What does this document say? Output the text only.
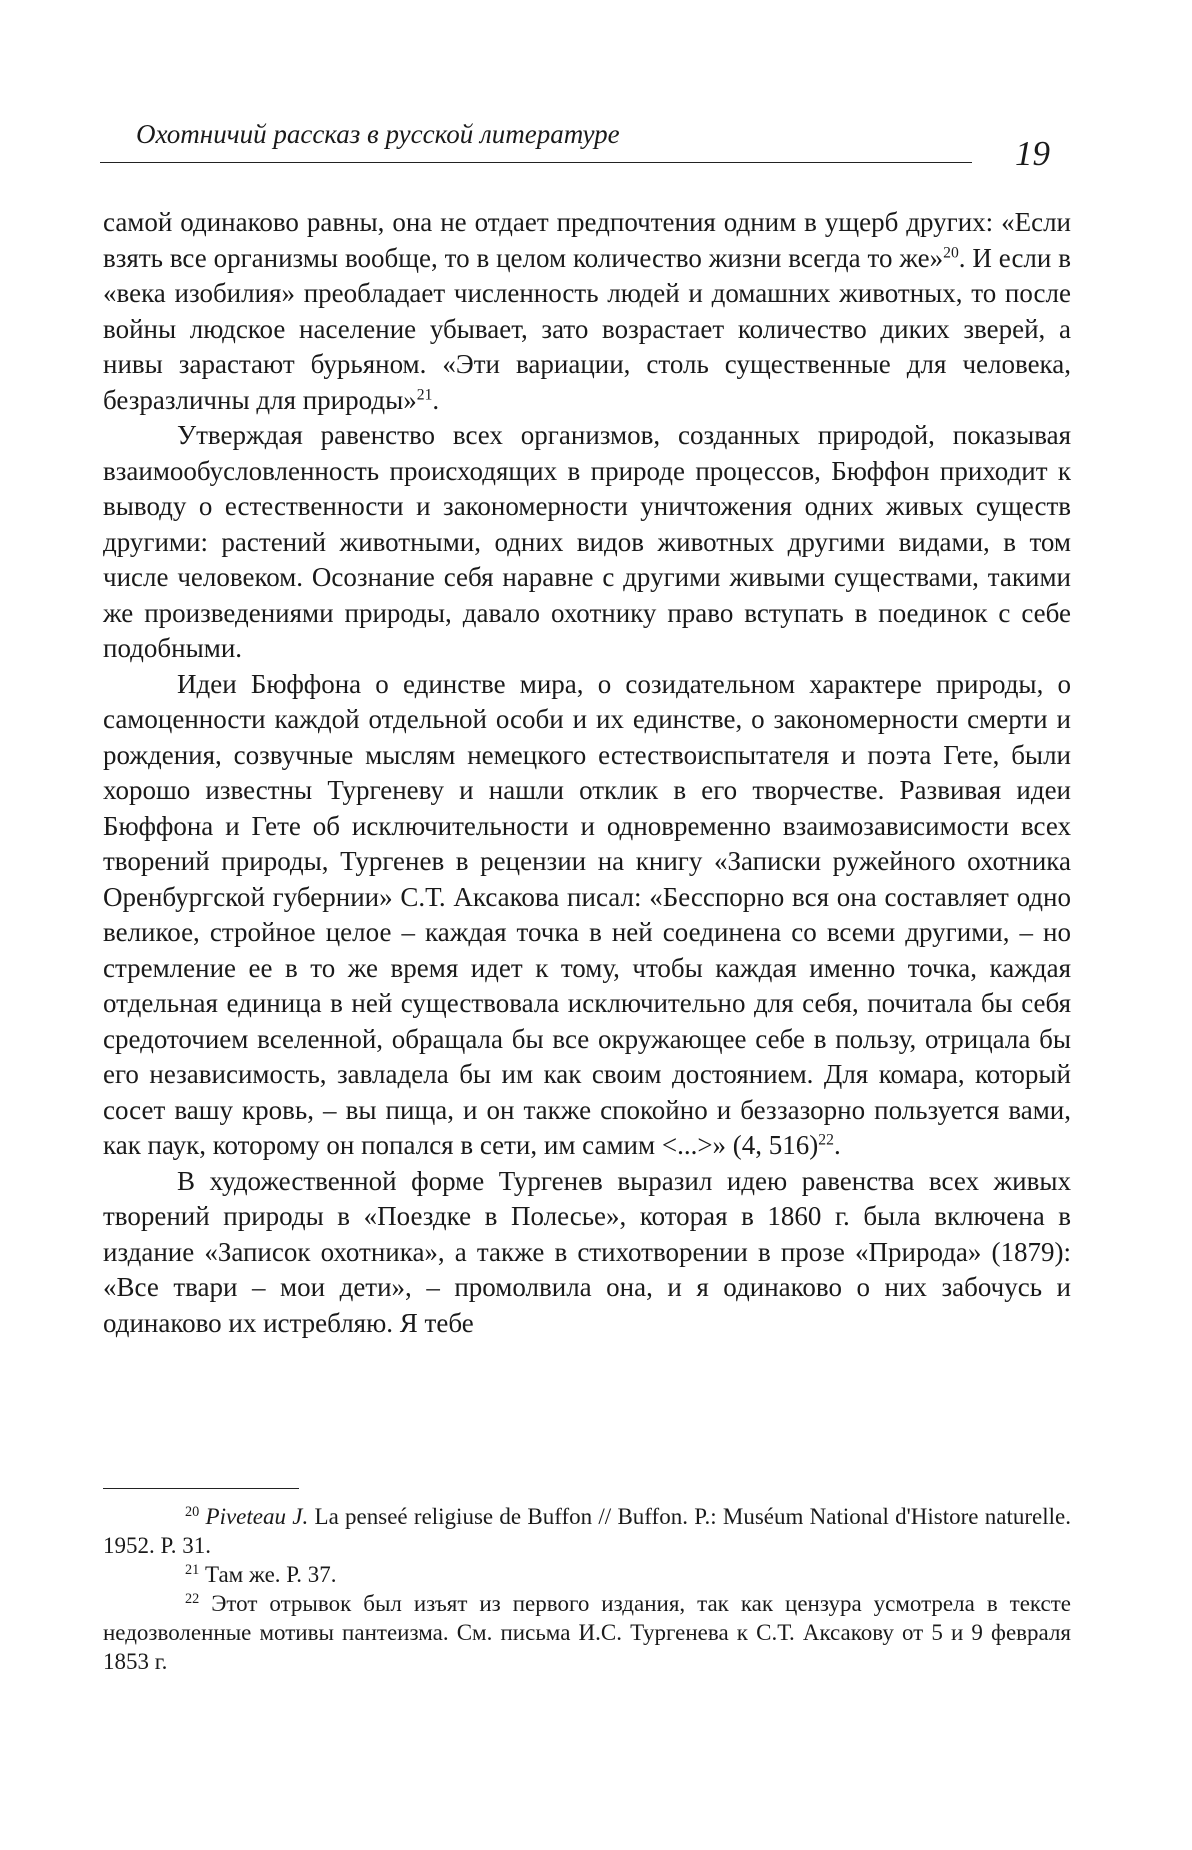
Охотничий рассказ в русской литературе	19

самой одинаково равны, она не отдает предпочтения одним в ущерб других: «Если взять все организмы вообще, то в целом количество жизни всегда то же»$^{20}$. И если в «века изобилия» преобладает численность людей и домашних животных, то после войны людское население убывает, зато возрастает количество диких зверей, а нивы зарастают бурьяном. «Эти вариации, столь существенные для человека, безразличны для природы»$^{21}$.

Утверждая равенство всех организмов, созданных природой, показывая взаимообусловленность происходящих в природе процессов, Бюффон приходит к выводу о естественности и закономерности уничтожения одних живых существ другими: растений животными, одних видов животных другими видами, в том числе человеком. Осознание себя наравне с другими живыми существами, такими же произведениями природы, давало охотнику право вступать в поединок с себе подобными.

Идеи Бюффона о единстве мира, о созидательном характере природы, о самоценности каждой отдельной особи и их единстве, о закономерности смерти и рождения, созвучные мыслям немецкого естествоиспытателя и поэта Гете, были хорошо известны Тургеневу и нашли отклик в его творчестве. Развивая идеи Бюффона и Гете об исключительности и одновременно взаимозависимости всех творений природы, Тургенев в рецензии на книгу «Записки ружейного охотника Оренбургской губернии» С.Т. Аксакова писал: «Бесспорно вся она составляет одно великое, стройное целое – каждая точка в ней соединена со всеми другими, – но стремление ее в то же время идет к тому, чтобы каждая именно точка, каждая отдельная единица в ней существовала исключительно для себя, почитала бы себя средоточием вселенной, обращала бы все окружающее себе в пользу, отрицала бы его независимость, завладела бы им как своим достоянием. Для комара, который сосет вашу кровь, – вы пища, и он также спокойно и беззазорно пользуется вами, как паук, которому он попался в сети, им самим <...>» (4, 516)$^{22}$.

В художественной форме Тургенев выразил идею равенства всех живых творений природы в «Поездке в Полесье», которая в 1860 г. была включена в издание «Записок охотника», а также в стихотворении в прозе «Природа» (1879): «Все твари – мои дети», – промолвила она, и я одинаково о них забочусь и одинаково их истребляю. Я тебе

$^{20}$ Piveteau J. La penseé religiuse de Buffon // Buffon. P.: Muséum National d'Histore naturelle. 1952. P. 31.

$^{21}$ Там же. Р. 37.

$^{22}$ Этот отрывок был изъят из первого издания, так как цензура усмотрела в тексте недозволенные мотивы пантеизма. См. письма И.С. Тургенева к С.Т. Аксакову от 5 и 9 февраля 1853 г.
